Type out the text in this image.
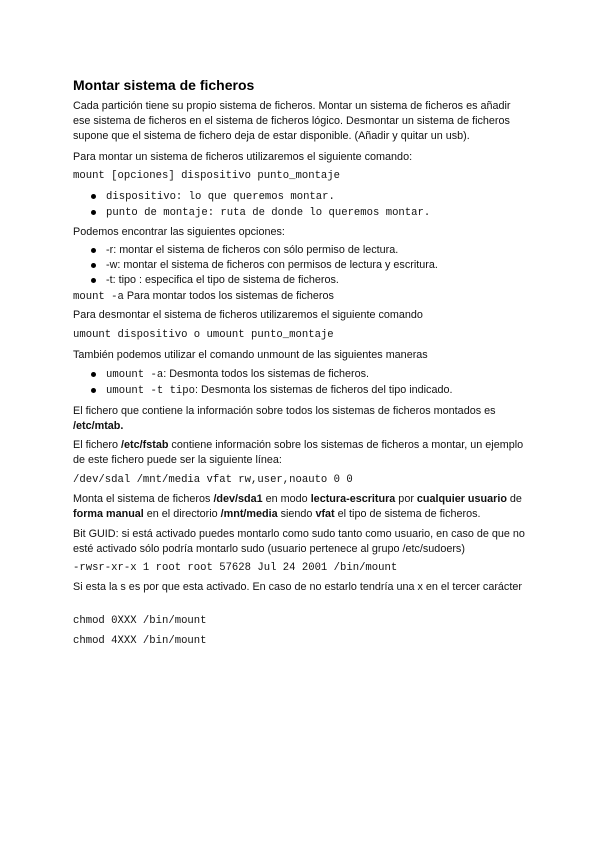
Montar sistema de ficheros
Cada partición tiene su propio sistema de ficheros. Montar un sistema de ficheros es añadir ese sistema de ficheros en el sistema de ficheros lógico. Desmontar un sistema de ficheros supone que el sistema de fichero deja de estar disponible. (Añadir y quitar un usb).
Para montar un sistema de ficheros utilizaremos el siguiente comando:
mount [opciones] dispositivo punto_montaje
dispositivo: lo que queremos montar.
punto de montaje: ruta de donde lo queremos montar.
Podemos encontrar las siguientes opciones:
-r: montar el sistema de ficheros con sólo permiso de lectura.
-w: montar el sistema de ficheros con permisos de lectura y escritura.
-t: tipo : especifica el tipo de sistema de ficheros.
mount -a Para montar todos los sistemas de ficheros
Para desmontar el sistema de ficheros utilizaremos el siguiente comando
umount dispositivo o umount punto_montaje
También podemos utilizar el comando unmount de las siguientes maneras
umount -a: Desmonta todos los sistemas de ficheros.
umount -t tipo: Desmonta los sistemas de ficheros del tipo indicado.
El fichero que contiene la información sobre todos los sistemas de ficheros montados es /etc/mtab.
El fichero /etc/fstab contiene información sobre los sistemas de ficheros a montar, un ejemplo de este fichero puede ser la siguiente línea:
/dev/sdal /mnt/media vfat rw,user,noauto 0 0
Monta el sistema de ficheros /dev/sda1 en modo lectura-escritura por cualquier usuario de forma manual en el directorio /mnt/media siendo vfat el tipo de sistema de ficheros.
Bit GUID: si está activado puedes montarlo como sudo tanto como usuario, en caso de que no esté activado sólo podría montarlo sudo (usuario pertenece al grupo /etc/sudoers)
-rwsr-xr-x 1 root root 57628 Jul 24 2001 /bin/mount
Si esta la s es por que esta activado. En caso de no estarlo tendría una x en el tercer carácter
chmod 0XXX /bin/mount
chmod 4XXX /bin/mount
